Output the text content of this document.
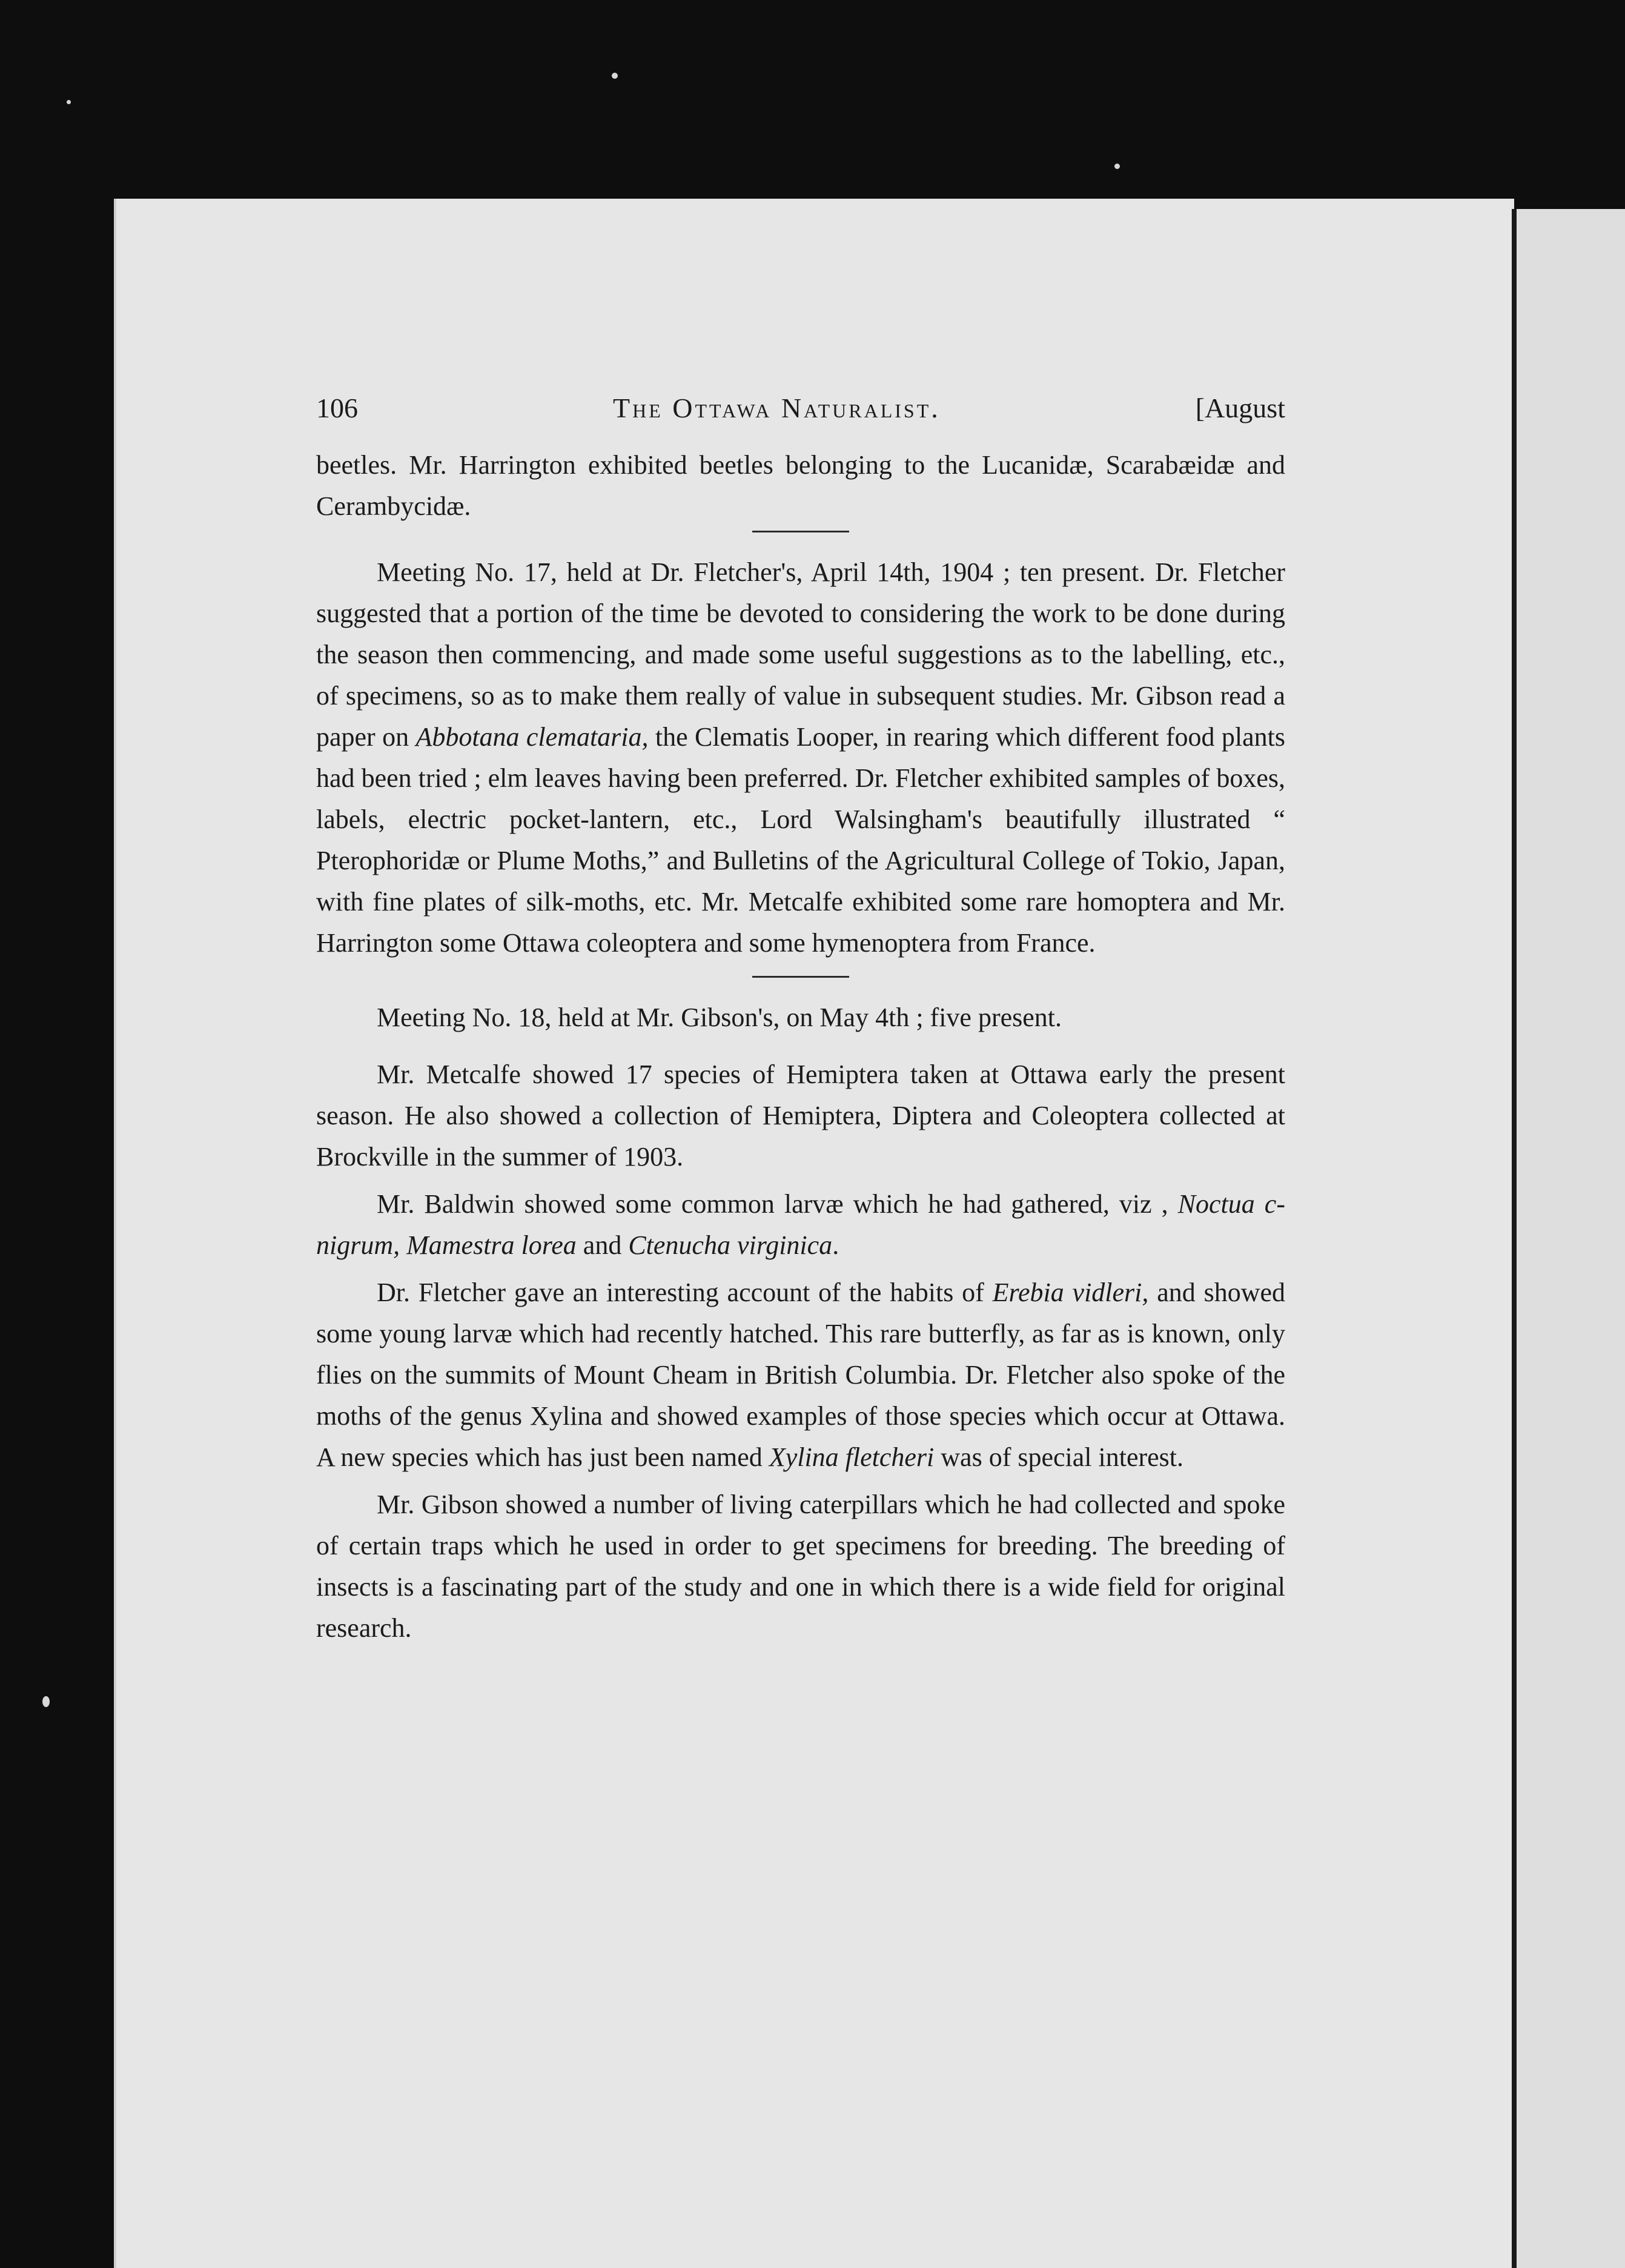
106	The Ottawa Naturalist.	[August

beetles. Mr. Harrington exhibited beetles belonging to the Lucanidæ, Scarabæidæ and Cerambycidæ.

Meeting No. 17, held at Dr. Fletcher's, April 14th, 1904 ; ten present. Dr. Fletcher suggested that a portion of the time be devoted to considering the work to be done during the season then commencing, and made some useful suggestions as to the labelling, etc., of specimens, so as to make them really of value in subsequent studies. Mr. Gibson read a paper on Abbotana clemataria, the Clematis Looper, in rearing which different food plants had been tried ; elm leaves having been preferred. Dr. Fletcher exhibited samples of boxes, labels, electric pocket-lantern, etc., Lord Walsingham's beautifully illustrated “ Pterophoridæ or Plume Moths,” and Bulletins of the Agricultural College of Tokio, Japan, with fine plates of silk-moths, etc. Mr. Metcalfe exhibited some rare homoptera and Mr. Harrington some Ottawa coleoptera and some hymenoptera from France.

Meeting No. 18, held at Mr. Gibson's, on May 4th ; five present.

Mr. Metcalfe showed 17 species of Hemiptera taken at Ottawa early the present season. He also showed a collection of Hemiptera, Diptera and Coleoptera collected at Brockville in the summer of 1903.

Mr. Baldwin showed some common larvæ which he had gathered, viz , Noctua c-nigrum, Mamestra lorea and Ctenucha virginica.

Dr. Fletcher gave an interesting account of the habits of Erebia vidleri, and showed some young larvæ which had recently hatched. This rare butterfly, as far as is known, only flies on the summits of Mount Cheam in British Columbia. Dr. Fletcher also spoke of the moths of the genus Xylina and showed examples of those species which occur at Ottawa. A new species which has just been named Xylina fletcheri was of special interest.

Mr. Gibson showed a number of living caterpillars which he had collected and spoke of certain traps which he used in order to get specimens for breeding. The breeding of insects is a fascinating part of the study and one in which there is a wide field for original research.
